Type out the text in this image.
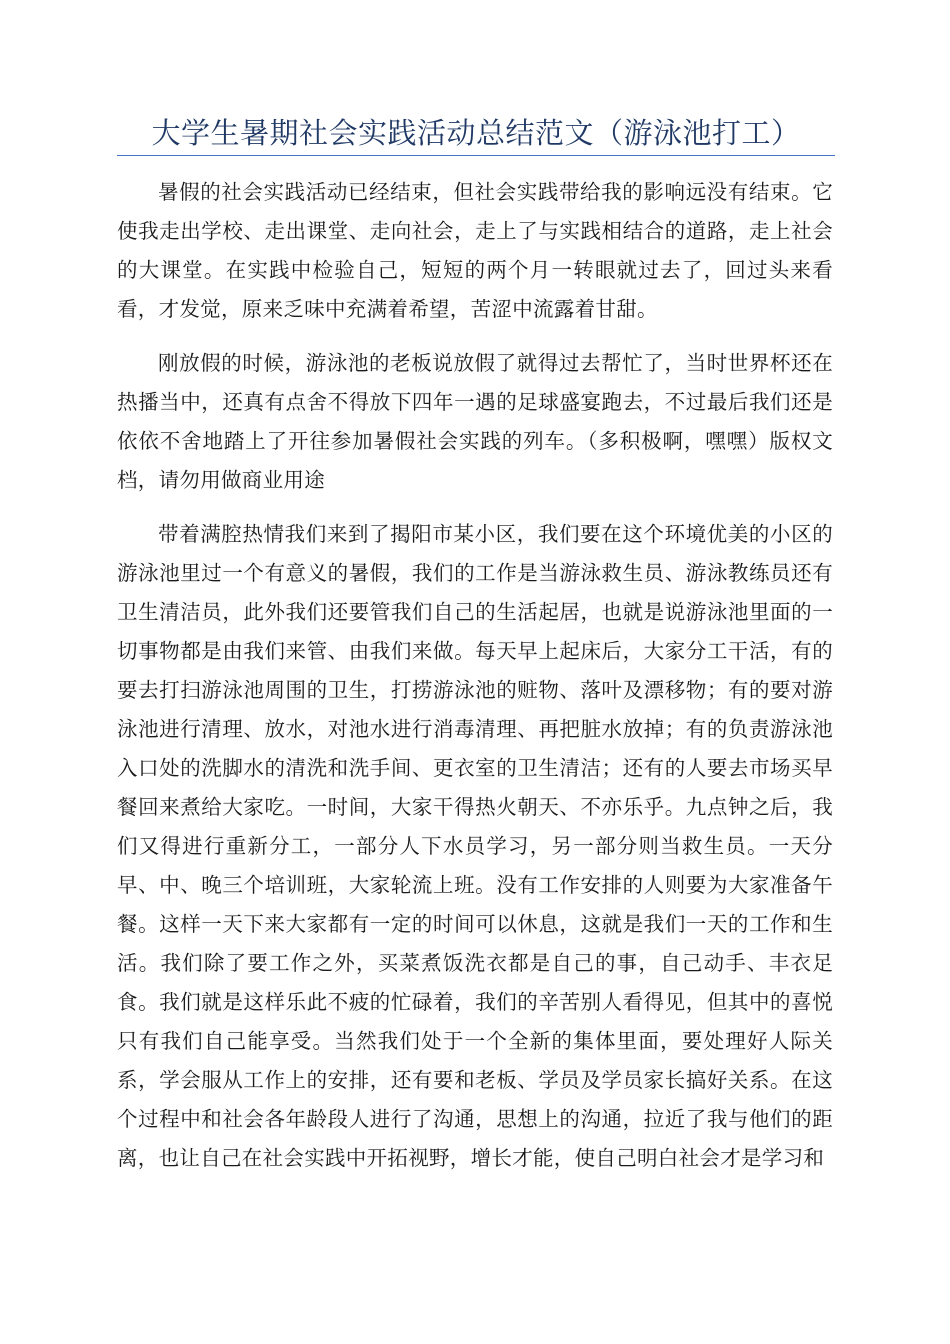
大学生暑期社会实践活动总结范文（游泳池打工）

暑假的社会实践活动已经结束，但社会实践带给我的影响远没有结束。它使我走出学校、走出课堂、走向社会，走上了与实践相结合的道路，走上社会的大课堂。在实践中检验自己，短短的两个月一转眼就过去了，回过头来看看，才发觉，原来乏味中充满着希望，苦涩中流露着甘甜。

刚放假的时候，游泳池的老板说放假了就得过去帮忙了，当时世界杯还在热播当中，还真有点舍不得放下四年一遇的足球盛宴跑去，不过最后我们还是依依不舍地踏上了开往参加暑假社会实践的列车。（多积极啊，嘿嘿）版权文档，请勿用做商业用途

带着满腔热情我们来到了揭阳市某小区，我们要在这个环境优美的小区的游泳池里过一个有意义的暑假，我们的工作是当游泳救生员、游泳教练员还有卫生清洁员，此外我们还要管我们自己的生活起居，也就是说游泳池里面的一切事物都是由我们来管、由我们来做。每天早上起床后，大家分工干活，有的要去打扫游泳池周围的卫生，打捞游泳池的赃物、落叶及漂移物；有的要对游泳池进行清理、放水，对池水进行消毒清理、再把脏水放掉；有的负责游泳池入口处的洗脚水的清洗和洗手间、更衣室的卫生清洁；还有的人要去市场买早餐回来煮给大家吃。一时间，大家干得热火朝天、不亦乐乎。九点钟之后，我们又得进行重新分工，一部分人下水员学习，另一部分则当救生员。一天分早、中、晚三个培训班，大家轮流上班。没有工作安排的人则要为大家准备午餐。这样一天下来大家都有一定的时间可以休息，这就是我们一天的工作和生活。我们除了要工作之外，买菜煮饭洗衣都是自己的事，自己动手、丰衣足食。我们就是这样乐此不疲的忙碌着，我们的辛苦别人看得见，但其中的喜悦只有我们自己能享受。当然我们处于一个全新的集体里面，要处理好人际关系，学会服从工作上的安排，还有要和老板、学员及学员家长搞好关系。在这个过程中和社会各年龄段人进行了沟通，思想上的沟通，拉近了我与他们的距离，也让自己在社会实践中开拓视野，增长才能，使自己明白社会才是学习和
